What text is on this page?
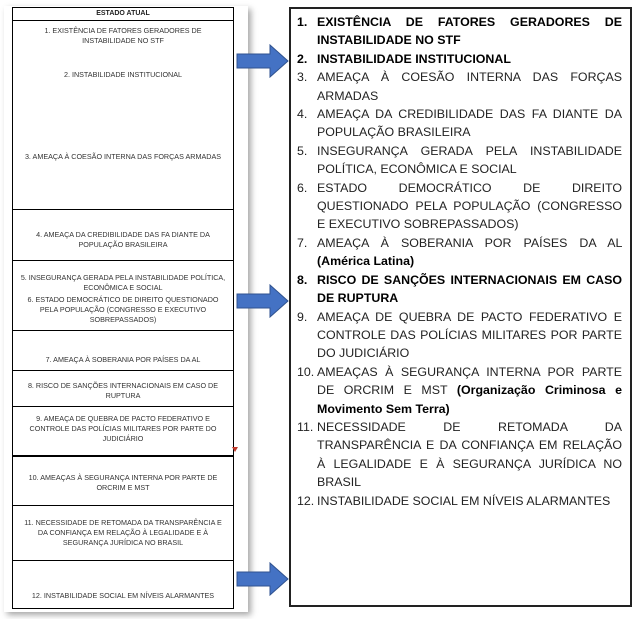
ESTADO ATUAL
1. EXISTÊNCIA DE FATORES GERADORES DE INSTABILIDADE NO STF
2. INSTABILIDADE INSTITUCIONAL
3. AMEAÇA À COESÃO INTERNA DAS FORÇAS ARMADAS
4. AMEAÇA DA CREDIBILIDADE DAS FA DIANTE DA POPULAÇÃO BRASILEIRA
5. INSEGURANÇA GERADA PELA INSTABILIDADE POLÍTICA, ECONÔMICA E SOCIAL
6. ESTADO DEMOCRÁTICO DE DIREITO QUESTIONADO PELA POPULAÇÃO (CONGRESSO E EXECUTIVO SOBREPASSADOS)
7. AMEAÇA À SOBERANIA POR PAÍSES DA AL
8. RISCO DE SANÇÕES INTERNACIONAIS EM CASO DE RUPTURA
9. AMEAÇA DE QUEBRA DE PACTO FEDERATIVO E CONTROLE DAS POLÍCIAS MILITARES POR PARTE DO JUDICIÁRIO
10. AMEAÇAS À SEGURANÇA INTERNA POR PARTE DE ORCRIM E MST
11. NECESSIDADE DE RETOMADA DA TRANSPARÊNCIA E DA CONFIANÇA EM RELAÇÃO À LEGALIDADE E À SEGURANÇA JURÍDICA NO BRASIL
12. INSTABILIDADE SOCIAL EM NÍVEIS ALARMANTES
1. EXISTÊNCIA DE FATORES GERADORES DE INSTABILIDADE NO STF
2. INSTABILIDADE INSTITUCIONAL
3. AMEAÇA À COESÃO INTERNA DAS FORÇAS ARMADAS
4. AMEAÇA DA CREDIBILIDADE DAS FA DIANTE DA POPULAÇÃO BRASILEIRA
5. INSEGURANÇA GERADA PELA INSTABILIDADE POLÍTICA, ECONÔMICA E SOCIAL
6. ESTADO DEMOCRÁTICO DE DIREITO QUESTIONADO PELA POPULAÇÃO (CONGRESSO E EXECUTIVO SOBREPASSADOS)
7. AMEAÇA À SOBERANIA POR PAÍSES DA AL (América Latina)
8. RISCO DE SANÇÕES INTERNACIONAIS EM CASO DE RUPTURA
9. AMEAÇA DE QUEBRA DE PACTO FEDERATIVO E CONTROLE DAS POLÍCIAS MILITARES POR PARTE DO JUDICIÁRIO
10. AMEAÇAS À SEGURANÇA INTERNA POR PARTE DE ORCRIM E MST (Organização Criminosa e Movimento Sem Terra)
11. NECESSIDADE DE RETOMADA DA TRANSPARÊNCIA E DA CONFIANÇA EM RELAÇÃO À LEGALIDADE E À SEGURANÇA JURÍDICA NO BRASIL
12. INSTABILIDADE SOCIAL EM NÍVEIS ALARMANTES
